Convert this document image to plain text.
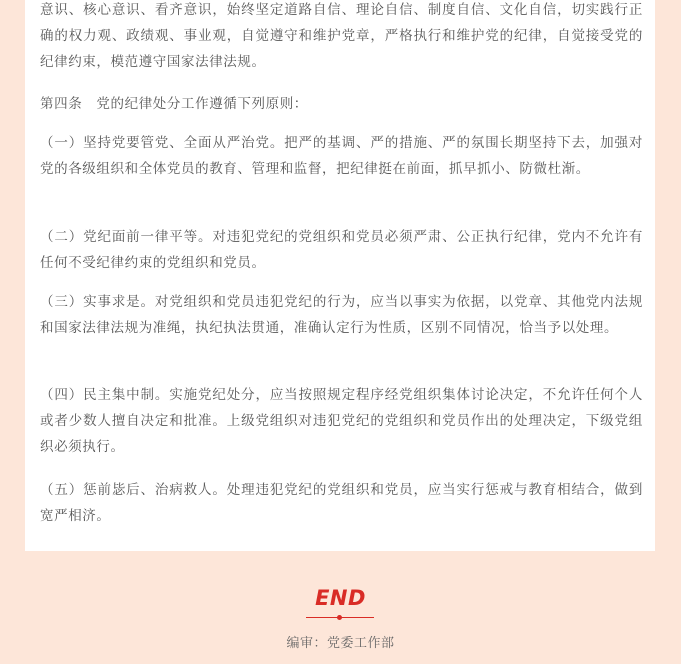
意识、核心意识、看齐意识，始终坚定道路自信、理论自信、制度自信、文化自信，切实践行正确的权力观、政绩观、事业观，自觉遵守和维护党章，严格执行和维护党的纪律，自觉接受党的纪律约束，模范遵守国家法律法规。

第四条　党的纪律处分工作遵循下列原则：

（一）坚持党要管党、全面从严治党。把严的基调、严的措施、严的氛围长期坚持下去，加强对党的各级组织和全体党员的教育、管理和监督，把纪律挺在前面，抓早抓小、防微杜渐。

（二）党纪面前一律平等。对违犯党纪的党组织和党员必须严肃、公正执行纪律，党内不允许有任何不受纪律约束的党组织和党员。

（三）实事求是。对党组织和党员违犯党纪的行为，应当以事实为依据，以党章、其他党内法规和国家法律法规为准绳，执纪执法贯通，准确认定行为性质，区别不同情况，恰当予以处理。

（四）民主集中制。实施党纪处分，应当按照规定程序经党组织集体讨论决定，不允许任何个人或者少数人擅自决定和批准。上级党组织对违犯党纪的党组织和党员作出的处理决定，下级党组织必须执行。

（五）惩前毖后、治病救人。处理违犯党纪的党组织和党员，应当实行惩戒与教育相结合，做到宽严相济。

END
编审：党委工作部
